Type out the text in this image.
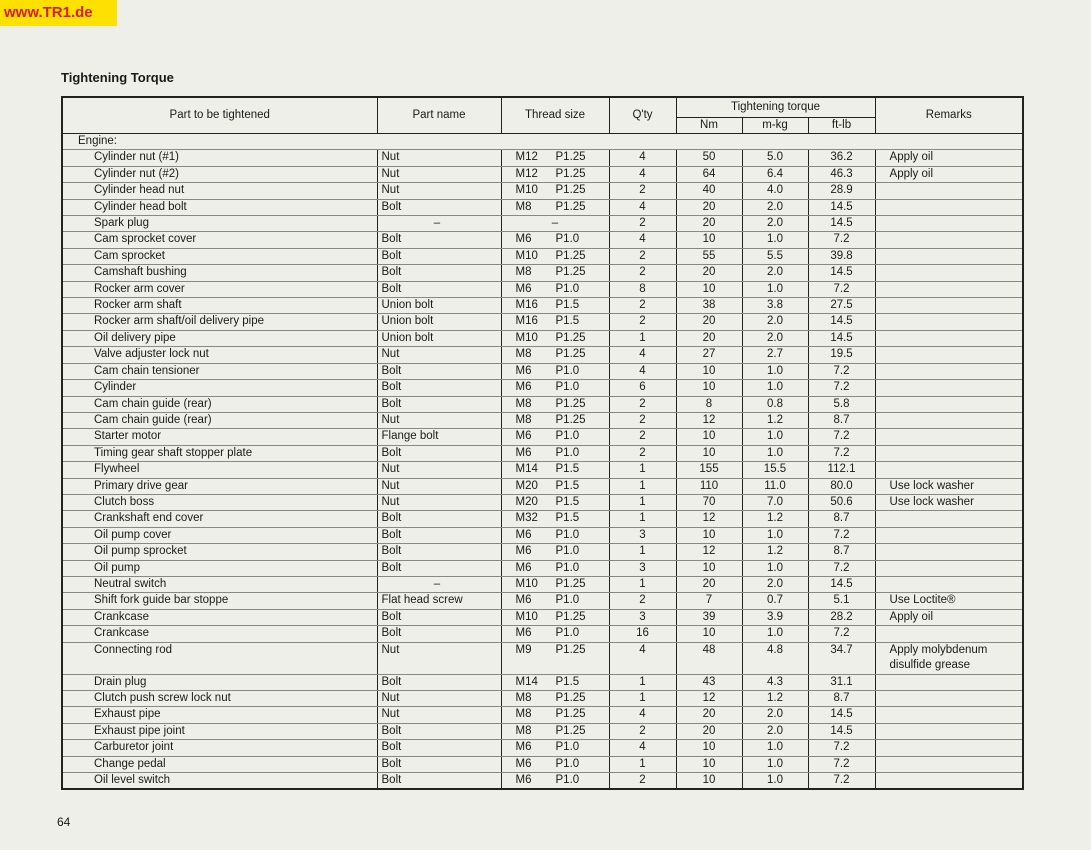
www.TR1.de
Tightening Torque
Part to be tightened	Part name	Thread size	Q'ty	Tightening torque			Remarks
				Nm	m-kg	ft-lb	
Engine:							
Cylinder nut (#1)	Nut	M12 P1.25	4	50	5.0	36.2	Apply oil
Cylinder nut (#2)	Nut	M12 P1.25	4	64	6.4	46.3	Apply oil
Cylinder head nut	Nut	M10 P1.25	2	40	4.0	28.9	
Cylinder head bolt	Bolt	M8 P1.25	4	20	2.0	14.5	
Spark plug	–	–	2	20	2.0	14.5	
Cam sprocket cover	Bolt	M6 P1.0	4	10	1.0	7.2	
Cam sprocket	Bolt	M10 P1.25	2	55	5.5	39.8	
Camshaft bushing	Bolt	M8 P1.25	2	20	2.0	14.5	
Rocker arm cover	Bolt	M6 P1.0	8	10	1.0	7.2	
Rocker arm shaft	Union bolt	M16 P1.5	2	38	3.8	27.5	
Rocker arm shaft/oil delivery pipe	Union bolt	M16 P1.5	2	20	2.0	14.5	
Oil delivery pipe	Union bolt	M10 P1.25	1	20	2.0	14.5	
Valve adjuster lock nut	Nut	M8 P1.25	4	27	2.7	19.5	
Cam chain tensioner	Bolt	M6 P1.0	4	10	1.0	7.2	
Cylinder	Bolt	M6 P1.0	6	10	1.0	7.2	
Cam chain guide (rear)	Bolt	M8 P1.25	2	8	0.8	5.8	
Cam chain guide (rear)	Nut	M8 P1.25	2	12	1.2	8.7	
Starter motor	Flange bolt	M6 P1.0	2	10	1.0	7.2	
Timing gear shaft stopper plate	Bolt	M6 P1.0	2	10	1.0	7.2	
Flywheel	Nut	M14 P1.5	1	155	15.5	112.1	
Primary drive gear	Nut	M20 P1.5	1	110	11.0	80.0	Use lock washer
Clutch boss	Nut	M20 P1.5	1	70	7.0	50.6	Use lock washer
Crankshaft end cover	Bolt	M32 P1.5	1	12	1.2	8.7	
Oil pump cover	Bolt	M6 P1.0	3	10	1.0	7.2	
Oil pump sprocket	Bolt	M6 P1.0	1	12	1.2	8.7	
Oil pump	Bolt	M6 P1.0	3	10	1.0	7.2	
Neutral switch	–	M10 P1.25	1	20	2.0	14.5	
Shift fork guide bar stoppe	Flat head screw	M6 P1.0	2	7	0.7	5.1	Use Loctite®
Crankcase	Bolt	M10 P1.25	3	39	3.9	28.2	Apply oil
Crankcase	Bolt	M6 P1.0	16	10	1.0	7.2	
Connecting rod	Nut	M9 P1.25	4	48	4.8	34.7	Apply molybdenum disulfide grease
Drain plug	Bolt	M14 P1.5	1	43	4.3	31.1	
Clutch push screw lock nut	Nut	M8 P1.25	1	12	1.2	8.7	
Exhaust pipe	Nut	M8 P1.25	4	20	2.0	14.5	
Exhaust pipe joint	Bolt	M8 P1.25	2	20	2.0	14.5	
Carburetor joint	Bolt	M6 P1.0	4	10	1.0	7.2	
Change pedal	Bolt	M6 P1.0	1	10	1.0	7.2	
Oil level switch	Bolt	M6 P1.0	2	10	1.0	7.2	
64
